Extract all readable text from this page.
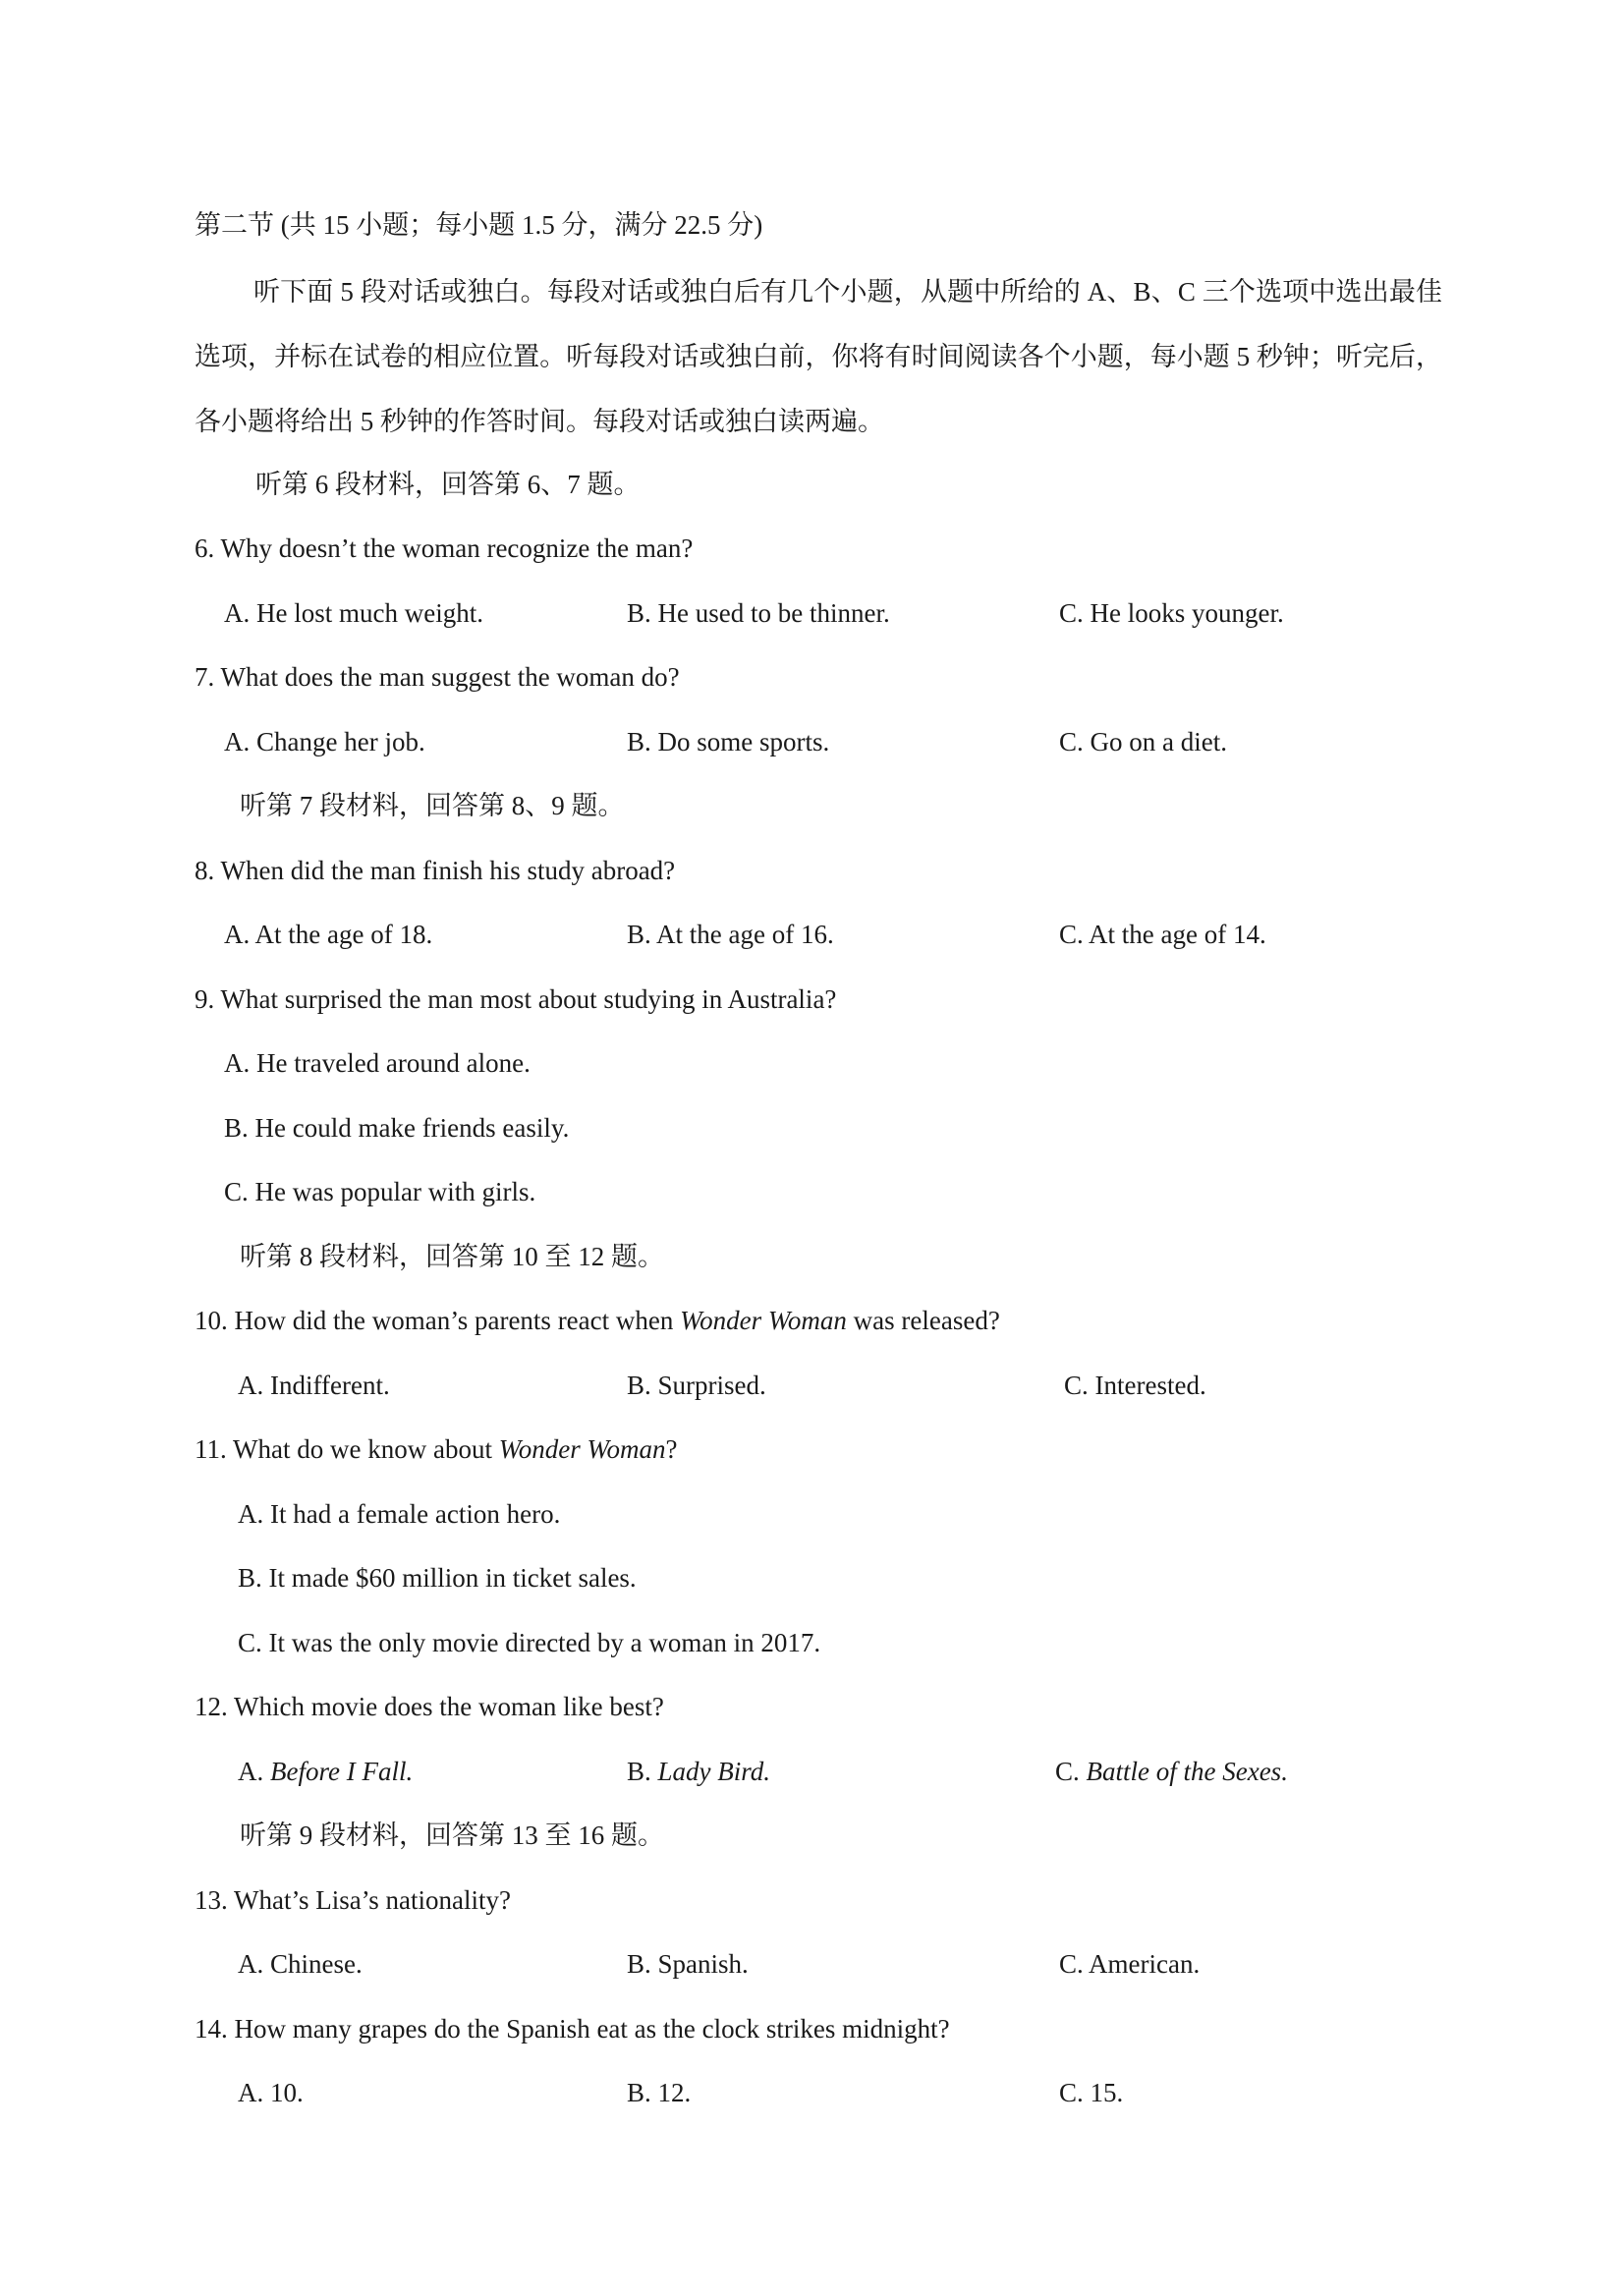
第二节 (共 15 小题；每小题 1.5 分，满分 22.5 分)
听下面 5 段对话或独白。每段对话或独白后有几个小题，从题中所给的 A、B、C 三个选项中选出最佳选项，并标在试卷的相应位置。听每段对话或独白前，你将有时间阅读各个小题，每小题 5 秒钟；听完后，各小题将给出 5 秒钟的作答时间。每段对话或独白读两遍。
听第 6 段材料，回答第 6、7 题。
6. Why doesn’t the woman recognize the man?
A. He lost much weight.	B. He used to be thinner.	C. He looks younger.
7. What does the man suggest the woman do?
A. Change her job.	B. Do some sports.	C. Go on a diet.
听第 7 段材料，回答第 8、9 题。
8. When did the man finish his study abroad?
A. At the age of 18.	B. At the age of 16.	C. At the age of 14.
9. What surprised the man most about studying in Australia?
A. He traveled around alone.
B. He could make friends easily.
C. He was popular with girls.
听第 8 段材料，回答第 10 至 12 题。
10. How did the woman’s parents react when Wonder Woman was released?
A. Indifferent.	B. Surprised.	C. Interested.
11. What do we know about Wonder Woman?
A. It had a female action hero.
B. It made $60 million in ticket sales.
C. It was the only movie directed by a woman in 2017.
12. Which movie does the woman like best?
A. Before I Fall.	B. Lady Bird.	C. Battle of the Sexes.
听第 9 段材料，回答第 13 至 16 题。
13. What’s Lisa’s nationality?
A. Chinese.	B. Spanish.	C. American.
14. How many grapes do the Spanish eat as the clock strikes midnight?
A. 10.	B. 12.	C. 15.
